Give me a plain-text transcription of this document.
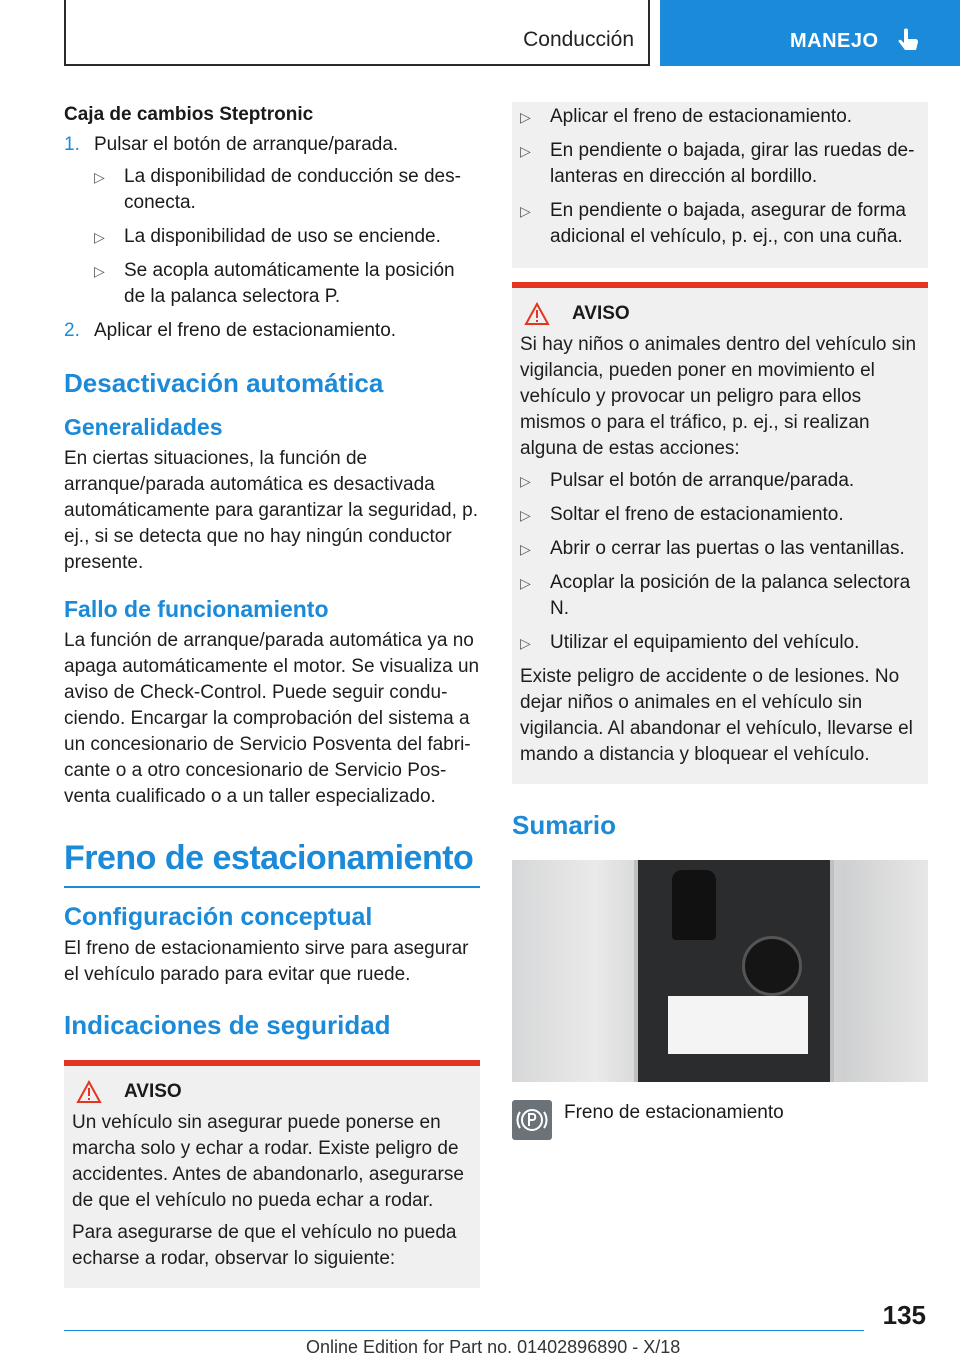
Conducción	MANEJO
Caja de cambios Steptronic
1. Pulsar el botón de arranque/parada.
▷ La disponibilidad de conducción se desconecta.
▷ La disponibilidad de uso se enciende.
▷ Se acopla automáticamente la posición de la palanca selectora P.
2. Aplicar el freno de estacionamiento.
Desactivación automática
Generalidades

En ciertas situaciones, la función de arranque/parada automática es desactivada automáticamente para garantizar la seguridad, p. ej., si se detecta que no hay ningún conductor presente.

Fallo de funcionamiento

La función de arranque/parada automática ya no apaga automáticamente el motor. Se visualiza un aviso de Check-Control. Puede seguir conduciendo. Encargar la comprobación del sistema a un concesionario de Servicio Posventa del fabricante o a otro concesionario de Servicio Posventa cualificado o a un taller especializado.

Freno de estacionamiento
Configuración conceptual

El freno de estacionamiento sirve para asegurar el vehículo parado para evitar que ruede.

Indicaciones de seguridad
AVISO

Un vehículo sin asegurar puede ponerse en marcha solo y echar a rodar. Existe peligro de accidentes. Antes de abandonarlo, asegurarse de que el vehículo no pueda echar a rodar.

Para asegurarse de que el vehículo no pueda echarse a rodar, observar lo siguiente:

▷ Aplicar el freno de estacionamiento.
▷ En pendiente o bajada, girar las ruedas delanteras en dirección al bordillo.
▷ En pendiente o bajada, asegurar de forma adicional el vehículo, p. ej., con una cuña.
AVISO

Si hay niños o animales dentro del vehículo sin vigilancia, pueden poner en movimiento el vehículo y provocar un peligro para ellos mismos o para el tráfico, p. ej., si realizan alguna de estas acciones:

▷ Pulsar el botón de arranque/parada.
▷ Soltar el freno de estacionamiento.
▷ Abrir o cerrar las puertas o las ventanillas.
▷ Acoplar la posición de la palanca selectora N.
▷ Utilizar el equipamiento del vehículo.

Existe peligro de accidente o de lesiones. No dejar niños o animales en el vehículo sin vigilancia. Al abandonar el vehículo, llevarse el mando a distancia y bloquear el vehículo.

Sumario
Freno de estacionamiento
135
Online Edition for Part no. 01402896890 - X/18
